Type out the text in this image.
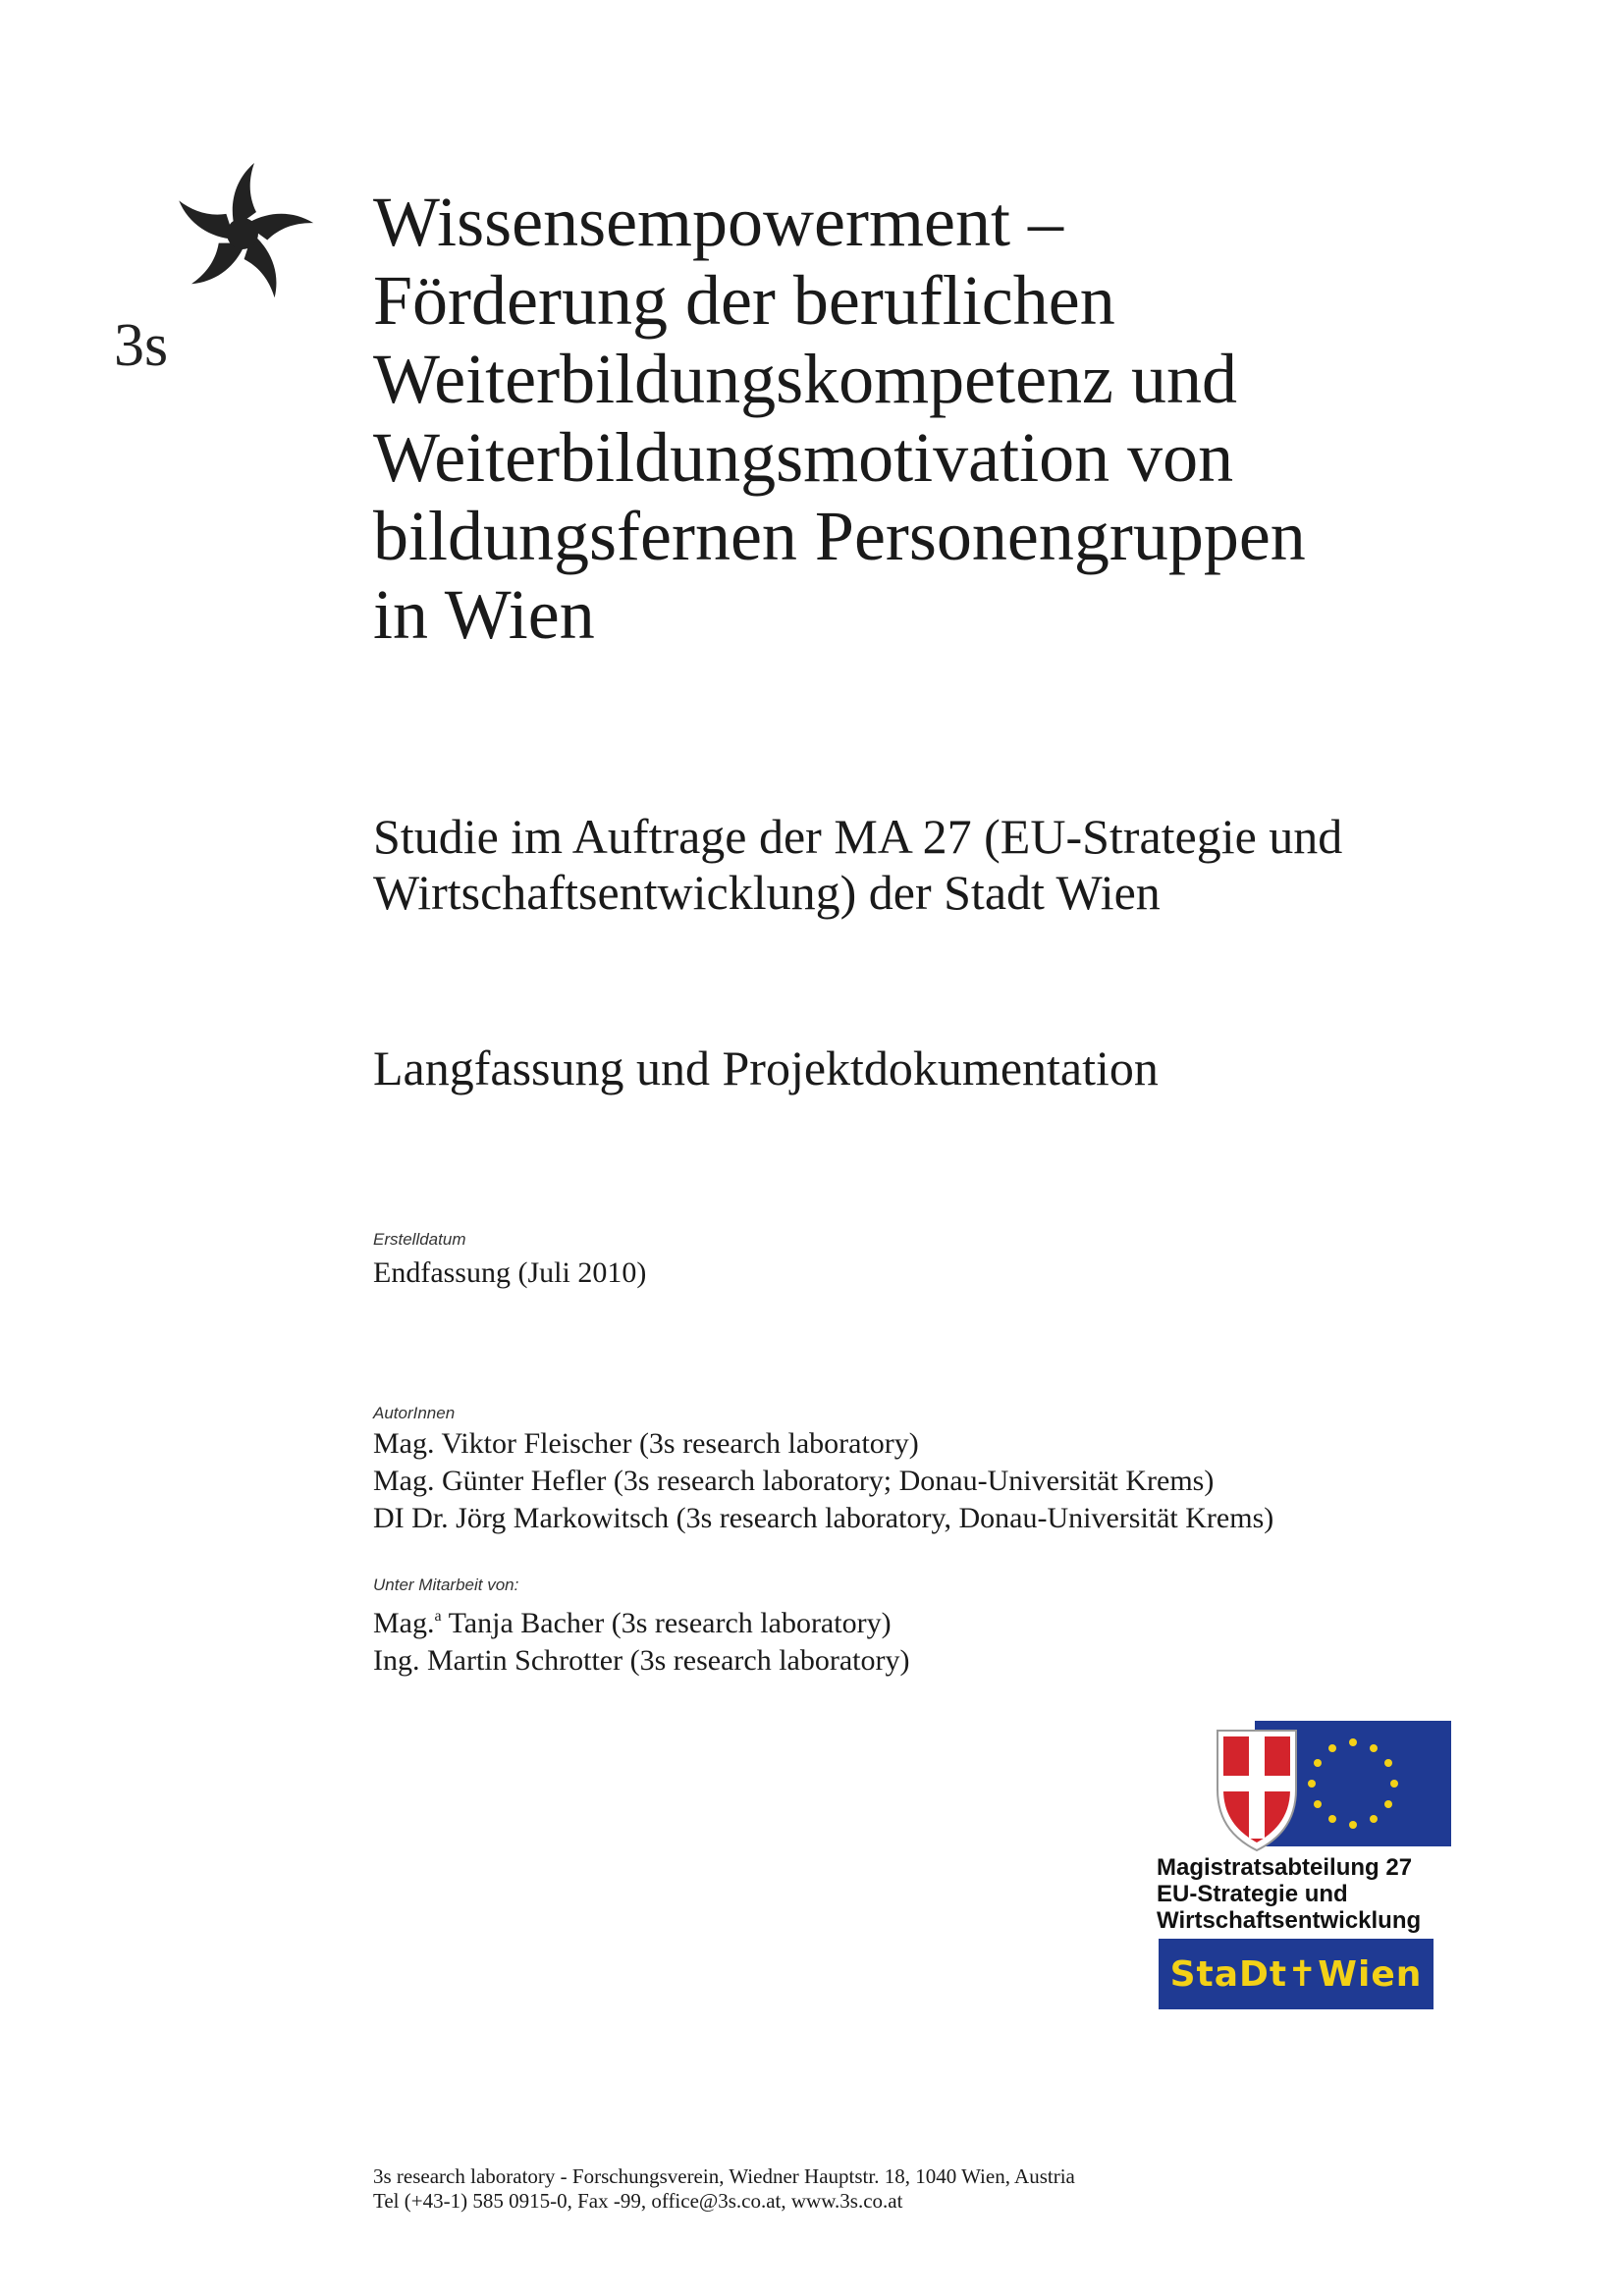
3s
Wissensempowerment –
Förderung der beruflichen
Weiterbildungskompetenz und
Weiterbildungsmotivation von
bildungsfernen Personengruppen
in Wien
Studie im Auftrage der MA 27 (EU-Strategie und
Wirtschaftsentwicklung) der Stadt Wien
Langfassung und Projektdokumentation
Erstelldatum
Endfassung (Juli 2010)
AutorInnen
Mag. Viktor Fleischer (3s research laboratory)
Mag. Günter Hefler (3s research laboratory; Donau-Universität Krems)
DI Dr. Jörg Markowitsch (3s research laboratory, Donau-Universität Krems)
Unter Mitarbeit von:
Mag.$^a$ Tanja Bacher (3s research laboratory)
Ing. Martin Schrotter (3s research laboratory)
Magistratsabteilung 27
EU-Strategie und
Wirtschaftsentwicklung
StaDt✝Wien
3s research laboratory - Forschungsverein, Wiedner Hauptstr. 18, 1040 Wien, Austria
Tel (+43-1) 585 0915-0, Fax -99, office@3s.co.at, www.3s.co.at
